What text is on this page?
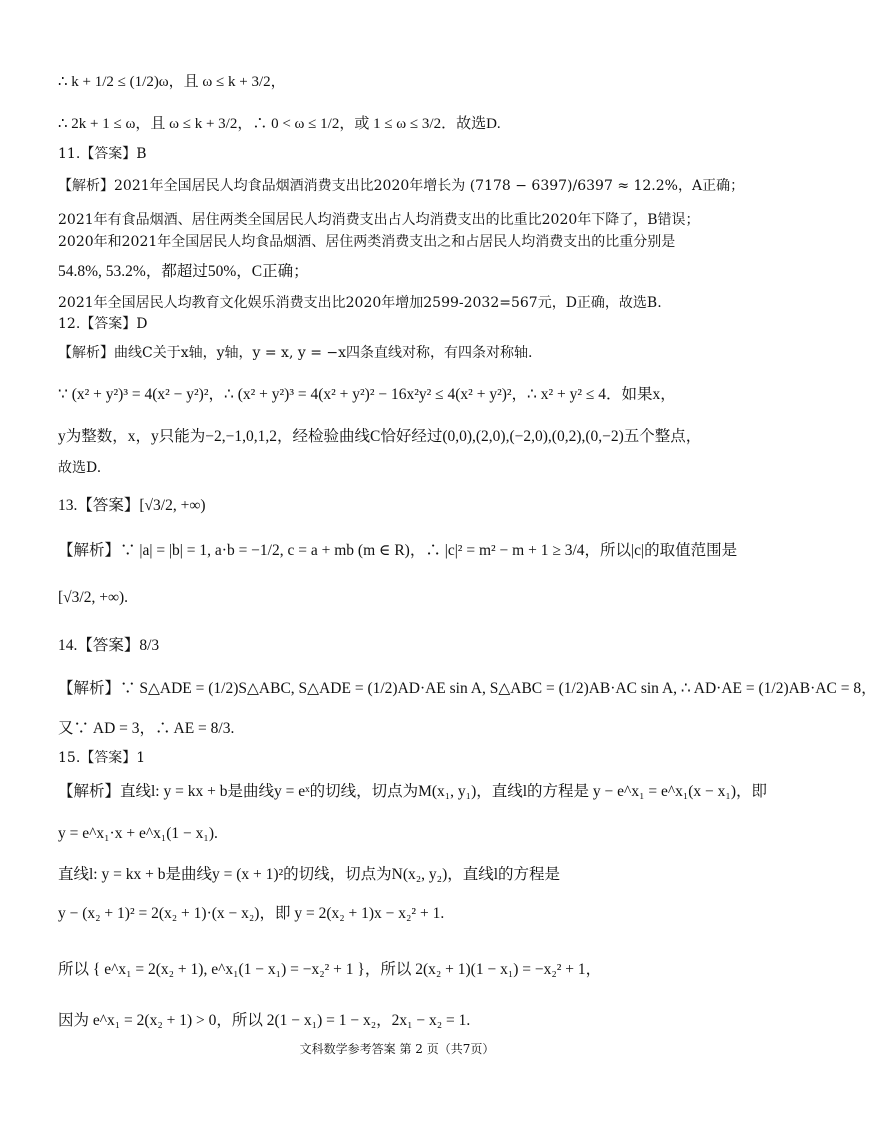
∴ k + 1/2 ≤ (1/2)ω，且 ω ≤ k + 3/2，
∴ 2k + 1 ≤ ω，且 ω ≤ k + 3/2，∴ 0 < ω ≤ 1/2，或 1 ≤ ω ≤ 3/2．故选D.
11.【答案】B
【解析】2021年全国居民人均食品烟酒消费支出比2020年增长为 (7178 − 6397)/6397 ≈ 12.2%，A正确；
2021年有食品烟酒、居住两类全国居民人均消费支出占人均消费支出的比重比2020年下降了，B错误；
2020年和2021年全国居民人均食品烟酒、居住两类消费支出之和占居民人均消费支出的比重分别是
54.8%, 53.2%，都超过50%，C正确；
2021年全国居民人均教育文化娱乐消费支出比2020年增加2599-2032=567元，D正确，故选B.
12.【答案】D
【解析】曲线C关于x轴，y轴，y = x, y = −x四条直线对称，有四条对称轴.
∵ (x² + y²)³ = 4(x² − y²)²，∴ (x² + y²)³ = 4(x² + y²)² − 16x²y² ≤ 4(x² + y²)²，∴ x² + y² ≤ 4．如果x，
y为整数，x，y只能为−2,−1,0,1,2，经检验曲线C恰好经过(0,0),(2,0),(−2,0),(0,2),(0,−2)五个整点，
故选D.
13.【答案】[√3/2, +∞)
【解析】∵ |a| = |b| = 1, a·b = −1/2, c = a + mb (m ∈ R)，∴ |c|² = m² − m + 1 ≥ 3/4，所以|c|的取值范围是
[√3/2, +∞).
14.【答案】8/3
【解析】∵ S△ADE = (1/2)S△ABC, S△ADE = (1/2)AD·AE sin A, S△ABC = (1/2)AB·AC sin A, ∴ AD·AE = (1/2)AB·AC = 8，
又∵ AD = 3，∴ AE = 8/3.
15.【答案】1
【解析】直线l: y = kx + b是曲线y = eˣ的切线，切点为M(x₁, y₁)，直线l的方程是 y − e^x₁ = e^x₁(x − x₁)，即
y = e^x₁·x + e^x₁(1 − x₁).
直线l: y = kx + b是曲线y = (x + 1)²的切线，切点为N(x₂, y₂)，直线l的方程是
y − (x₂ + 1)² = 2(x₂ + 1)·(x − x₂)，即 y = 2(x₂ + 1)x − x₂² + 1.
所以 { e^x₁ = 2(x₂ + 1), e^x₁(1 − x₁) = −x₂² + 1 }，所以 2(x₂ + 1)(1 − x₁) = −x₂² + 1，
因为 e^x₁ = 2(x₂ + 1) > 0，所以 2(1 − x₁) = 1 − x₂，2x₁ − x₂ = 1.
文科数学参考答案 第 2 页（共7页）
